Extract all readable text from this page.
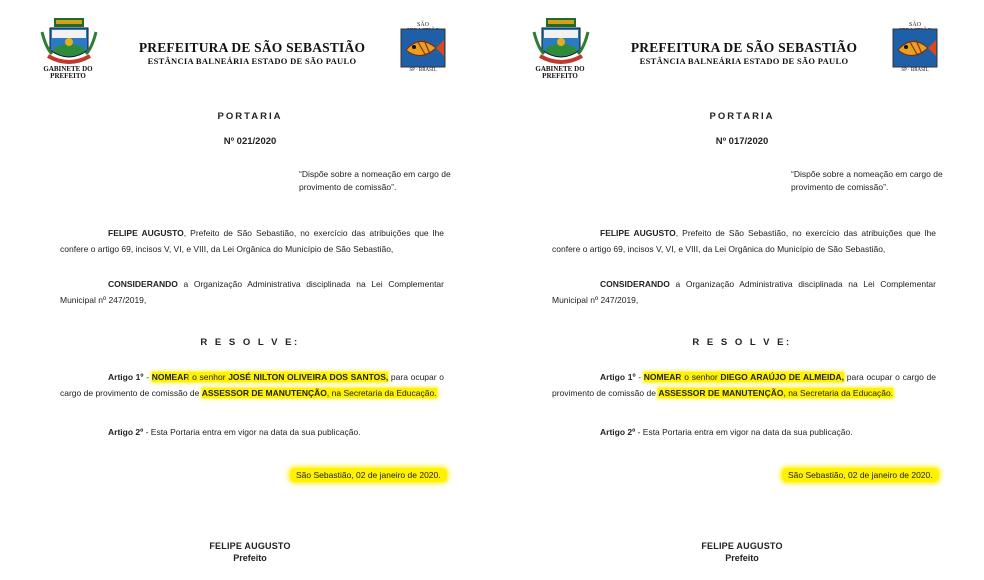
GABINETE DO PREFEITO
PREFEITURA DE SÃO SEBASTIÃO
ESTÂNCIA BALNEÁRIA ESTADO DE SÃO PAULO
SÃO
SP · BRASIL
PORTARIA
Nº 021/2020
“Dispõe sobre a nomeação em cargo de provimento de comissão”.
FELIPE AUGUSTO, Prefeito de São Sebastião, no exercício das atribuições que lhe confere o artigo 69, incisos V, VI, e VIII, da Lei Orgânica do Município de São Sebastião,
CONSIDERANDO a Organização Administrativa disciplinada na Lei Complementar Municipal nº 247/2019,
R E S O L V E:
Artigo 1º - NOMEAR o senhor JOSÉ NILTON OLIVEIRA DOS SANTOS, para ocupar o cargo de provimento de comissão de ASSESSOR DE MANUTENÇÃO, na Secretaria da Educação.
Artigo 2º - Esta Portaria entra em vigor na data da sua publicação.
São Sebastião, 02 de janeiro de 2020.
FELIPE AUGUSTO
Prefeito
GABINETE DO PREFEITO
PREFEITURA DE SÃO SEBASTIÃO
ESTÂNCIA BALNEÁRIA ESTADO DE SÃO PAULO
SÃO
SP · BRASIL
PORTARIA
Nº 017/2020
“Dispõe sobre a nomeação em cargo de provimento de comissão”.
FELIPE AUGUSTO, Prefeito de São Sebastião, no exercício das atribuições que lhe confere o artigo 69, incisos V, VI, e VIII, da Lei Orgânica do Município de São Sebastião,
CONSIDERANDO a Organização Administrativa disciplinada na Lei Complementar Municipal nº 247/2019,
R E S O L V E:
Artigo 1º - NOMEAR o senhor DIEGO ARAÚJO DE ALMEIDA, para ocupar o cargo de provimento de comissão de ASSESSOR DE MANUTENÇÃO, na Secretaria da Educação.
Artigo 2º - Esta Portaria entra em vigor na data da sua publicação.
São Sebastião, 02 de janeiro de 2020.
FELIPE AUGUSTO
Prefeito
